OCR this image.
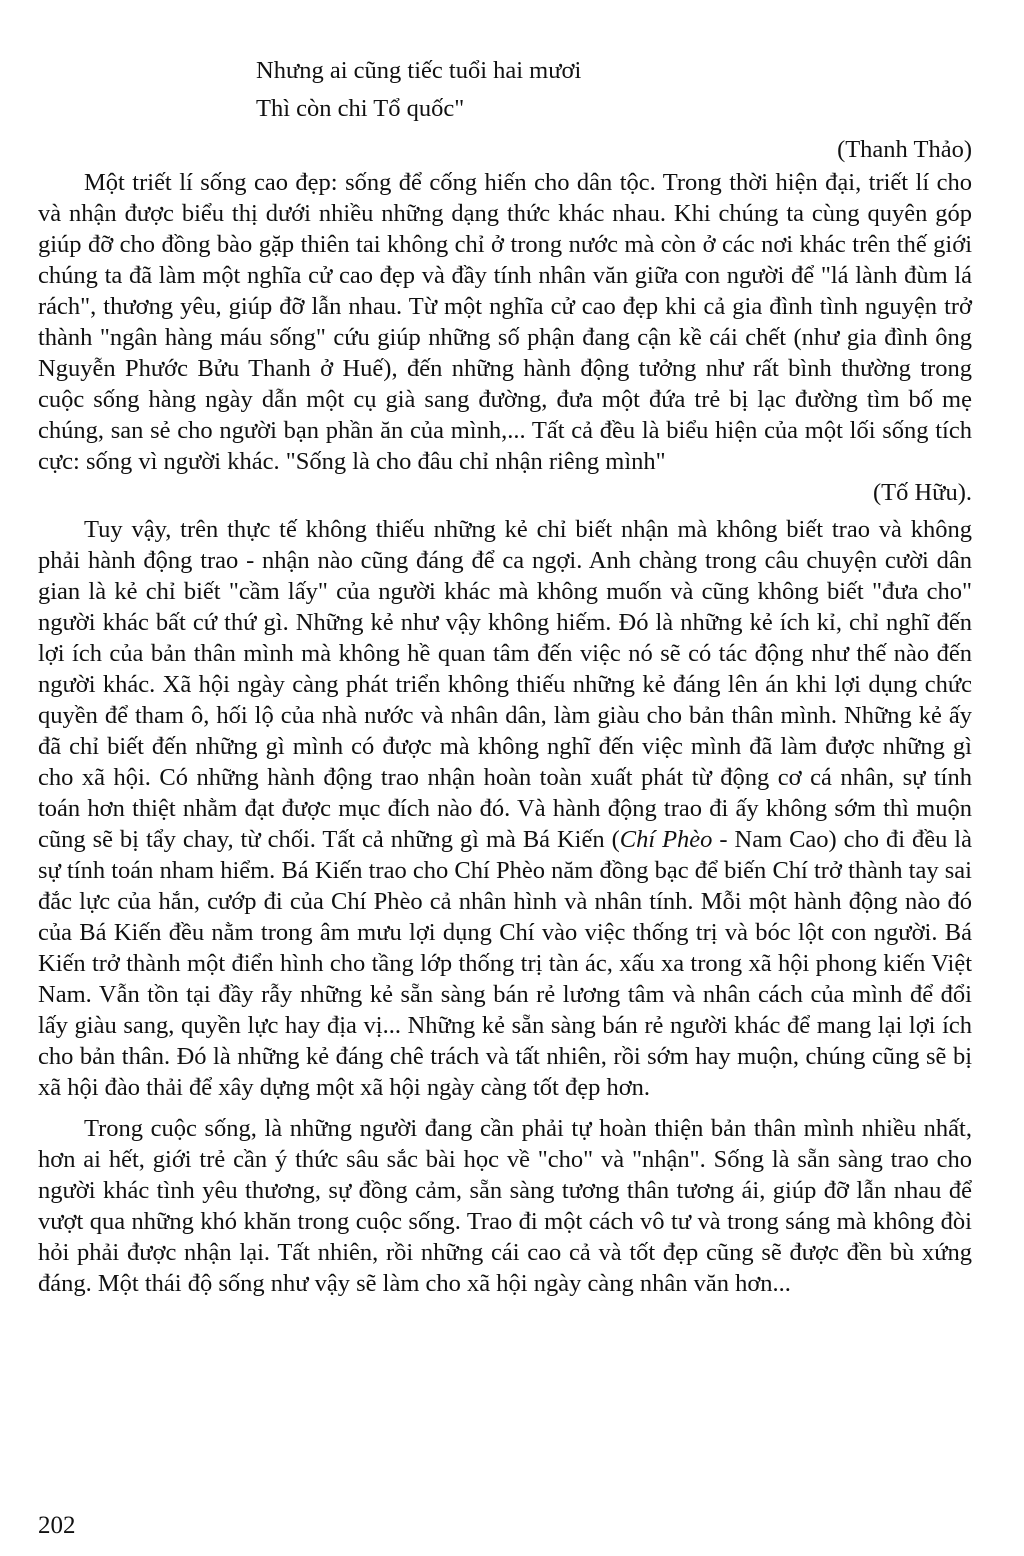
Nhưng ai cũng tiếc tuổi hai mươi
Thì còn chi Tổ quốc"
(Thanh Thảo)

Một triết lí sống cao đẹp: sống để cống hiến cho dân tộc. Trong thời hiện đại, triết lí cho và nhận được biểu thị dưới nhiều những dạng thức khác nhau. Khi chúng ta cùng quyên góp giúp đỡ cho đồng bào gặp thiên tai không chỉ ở trong nước mà còn ở các nơi khác trên thế giới chúng ta đã làm một nghĩa cử cao đẹp và đầy tính nhân văn giữa con người để "lá lành đùm lá rách", thương yêu, giúp đỡ lẫn nhau. Từ một nghĩa cử cao đẹp khi cả gia đình tình nguyện trở thành "ngân hàng máu sống" cứu giúp những số phận đang cận kề cái chết (như gia đình ông Nguyễn Phước Bửu Thanh ở Huế), đến những hành động tưởng như rất bình thường trong cuộc sống hàng ngày dẫn một cụ già sang đường, đưa một đứa trẻ bị lạc đường tìm bố mẹ chúng, san sẻ cho người bạn phần ăn của mình,... Tất cả đều là biểu hiện của một lối sống tích cực: sống vì người khác. "Sống là cho đâu chỉ nhận riêng mình"

(Tố Hữu).

Tuy vậy, trên thực tế không thiếu những kẻ chỉ biết nhận mà không biết trao và không phải hành động trao - nhận nào cũng đáng để ca ngợi. Anh chàng trong câu chuyện cười dân gian là kẻ chỉ biết "cầm lấy" của người khác mà không muốn và cũng không biết "đưa cho" người khác bất cứ thứ gì. Những kẻ như vậy không hiếm. Đó là những kẻ ích kỉ, chỉ nghĩ đến lợi ích của bản thân mình mà không hề quan tâm đến việc nó sẽ có tác động như thế nào đến người khác. Xã hội ngày càng phát triển không thiếu những kẻ đáng lên án khi lợi dụng chức quyền để tham ô, hối lộ của nhà nước và nhân dân, làm giàu cho bản thân mình. Những kẻ ấy đã chỉ biết đến những gì mình có được mà không nghĩ đến việc mình đã làm được những gì cho xã hội. Có những hành động trao nhận hoàn toàn xuất phát từ động cơ cá nhân, sự tính toán hơn thiệt nhằm đạt được mục đích nào đó. Và hành động trao đi ấy không sớm thì muộn cũng sẽ bị tẩy chay, từ chối. Tất cả những gì mà Bá Kiến (Chí Phèo - Nam Cao) cho đi đều là sự tính toán nham hiểm. Bá Kiến trao cho Chí Phèo năm đồng bạc để biến Chí trở thành tay sai đắc lực của hắn, cướp đi của Chí Phèo cả nhân hình và nhân tính. Mỗi một hành động nào đó của Bá Kiến đều nằm trong âm mưu lợi dụng Chí vào việc thống trị và bóc lột con người. Bá Kiến trở thành một điển hình cho tầng lớp thống trị tàn ác, xấu xa trong xã hội phong kiến Việt Nam. Vẫn tồn tại đầy rẫy những kẻ sẵn sàng bán rẻ lương tâm và nhân cách của mình để đổi lấy giàu sang, quyền lực hay địa vị... Những kẻ sẵn sàng bán rẻ người khác để mang lại lợi ích cho bản thân. Đó là những kẻ đáng chê trách và tất nhiên, rồi sớm hay muộn, chúng cũng sẽ bị xã hội đào thải để xây dựng một xã hội ngày càng tốt đẹp hơn.

Trong cuộc sống, là những người đang cần phải tự hoàn thiện bản thân mình nhiều nhất, hơn ai hết, giới trẻ cần ý thức sâu sắc bài học về "cho" và "nhận". Sống là sẵn sàng trao cho người khác tình yêu thương, sự đồng cảm, sẵn sàng tương thân tương ái, giúp đỡ lẫn nhau để vượt qua những khó khăn trong cuộc sống. Trao đi một cách vô tư và trong sáng mà không đòi hỏi phải được nhận lại. Tất nhiên, rồi những cái cao cả và tốt đẹp cũng sẽ được đền bù xứng đáng. Một thái độ sống như vậy sẽ làm cho xã hội ngày càng nhân văn hơn...

202
